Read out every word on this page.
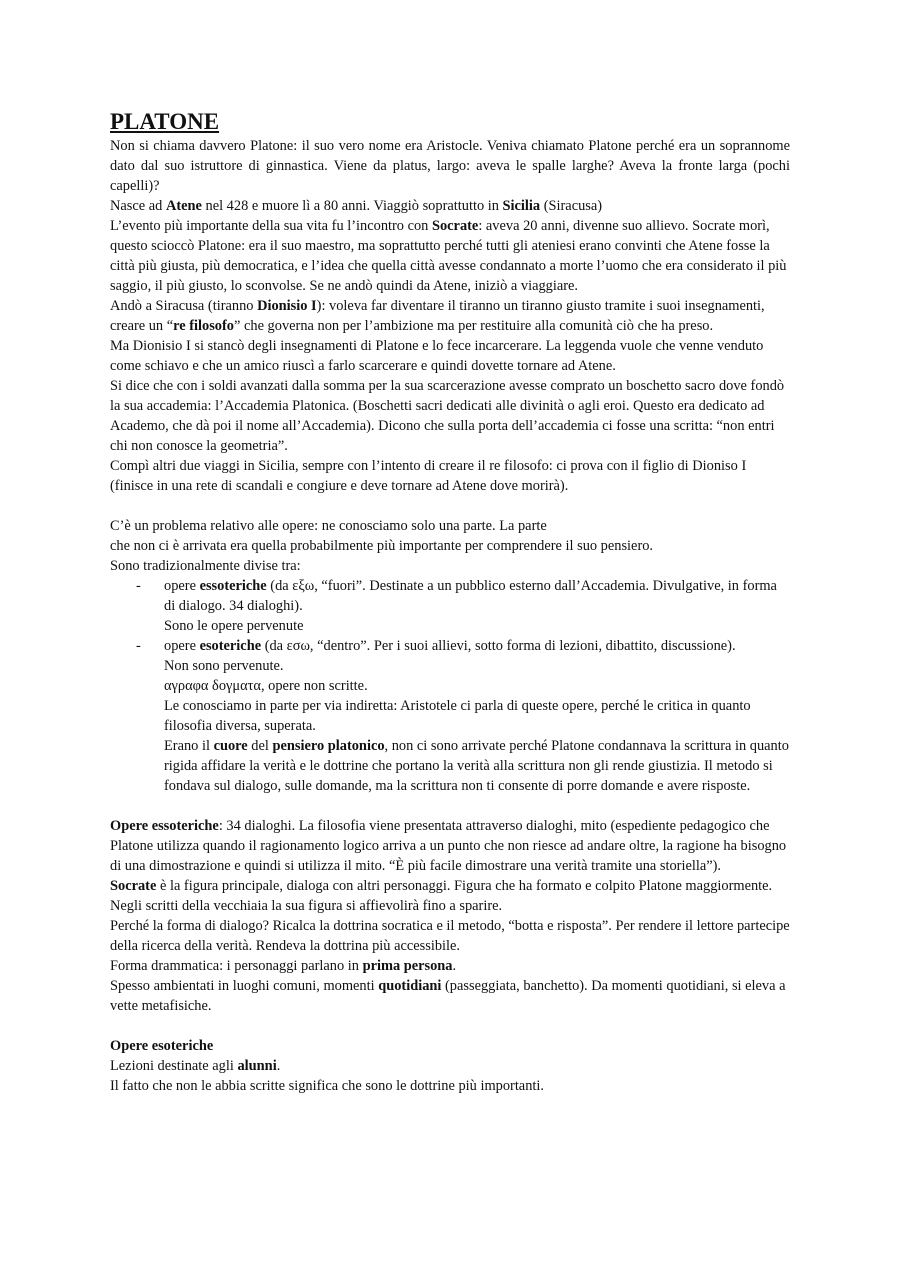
PLATONE

Non si chiama davvero Platone: il suo vero nome era Aristocle. Veniva chiamato Platone perché era un soprannome dato dal suo istruttore di ginnastica. Viene da platus, largo: aveva le spalle larghe? Aveva la fronte larga (pochi capelli)?

Nasce ad Atene nel 428 e muore lì a 80 anni. Viaggiò soprattutto in Sicilia (Siracusa)

L’evento più importante della sua vita fu l’incontro con Socrate: aveva 20 anni, divenne suo allievo. Socrate morì, questo sciocсò Platone: era il suo maestro, ma soprattutto perché tutti gli ateniesi erano convinti che Atene fosse la città più giusta, più democratica, e l’idea che quella città avesse condannato a morte l’uomo che era considerato il più saggio, il più giusto, lo sconvolse. Se ne andò quindi da Atene, iniziò a viaggiare.

Andò a Siracusa (tiranno Dionisio I): voleva far diventare il tiranno un tiranno giusto tramite i suoi insegnamenti, creare un “re filosofo” che governa non per l’ambizione ma per restituire alla comunità ciò che ha preso.

Ma Dionisio I si stancò degli insegnamenti di Platone e lo fece incarcerare. La leggenda vuole che venne venduto come schiavo e che un amico riuscì a farlo scarcerare e quindi dovette tornare ad Atene.

Si dice che con i soldi avanzati dalla somma per la sua scarcerazione avesse comprato un boschetto sacro dove fondò la sua accademia: l’Accademia Platonica. (Boschetti sacri dedicati alle divinità o agli eroi. Questo era dedicato ad Academo, che dà poi il nome all’Accademia). Dicono che sulla porta dell’accademia ci fosse una scritta: “non entri chi non conosce la geometria”.

Compì altri due viaggi in Sicilia, sempre con l’intento di creare il re filosofo: ci prova con il figlio di Dioniso I (finisce in una rete di scandali e congiure e deve tornare ad Atene dove morirà).

C’è un problema relativo alle opere: ne conosciamo solo una parte. La parte

che non ci è arrivata era quella probabilmente più importante per comprendere il suo pensiero.

Sono tradizionalmente divise tra:

- opere essoteriche (da εξω, “fuori”. Destinate a un pubblico esterno dall’Accademia. Divulgative, in forma di dialogo. 34 dialoghi).

Sono le opere pervenute

- opere esoteriche (da εσω, “dentro”. Per i suoi allievi, sotto forma di lezioni, dibattito, discussione).

Non sono pervenute.

αγραφα δογματα, opere non scritte.

Le conosciamo in parte per via indiretta: Aristotele ci parla di queste opere, perché le critica in quanto filosofia diversa, superata.

Erano il cuore del pensiero platonico, non ci sono arrivate perché Platone condannava la scrittura in quanto rigida affidare la verità e le dottrine che portano la verità alla scrittura non gli rende giustizia. Il metodo si fondava sul dialogo, sulle domande, ma la scrittura non ti consente di porre domande e avere risposte.

Opere essoteriche: 34 dialoghi. La filosofia viene presentata attraverso dialoghi, mito (espediente pedagogico che Platone utilizza quando il ragionamento logico arriva a un punto che non riesce ad andare oltre, la ragione ha bisogno di una dimostrazione e quindi si utilizza il mito. “È più facile dimostrare una verità tramite una storiella”).

Socrate è la figura principale, dialoga con altri personaggi. Figura che ha formato e colpito Platone maggiormente. Negli scritti della vecchiaia la sua figura si affievolirà fino a sparire.

Perché la forma di dialogo? Ricalca la dottrina socratica e il metodo, “botta e risposta”. Per rendere il lettore partecipe della ricerca della verità. Rendeva la dottrina più accessibile.

Forma drammatica: i personaggi parlano in prima persona.

Spesso ambientati in luoghi comuni, momenti quotidiani (passeggiata, banchetto). Da momenti quotidiani, si eleva a vette metafisiche.

Opere esoteriche

Lezioni destinate agli alunni.

Il fatto che non le abbia scritte significa che sono le dottrine più importanti.
